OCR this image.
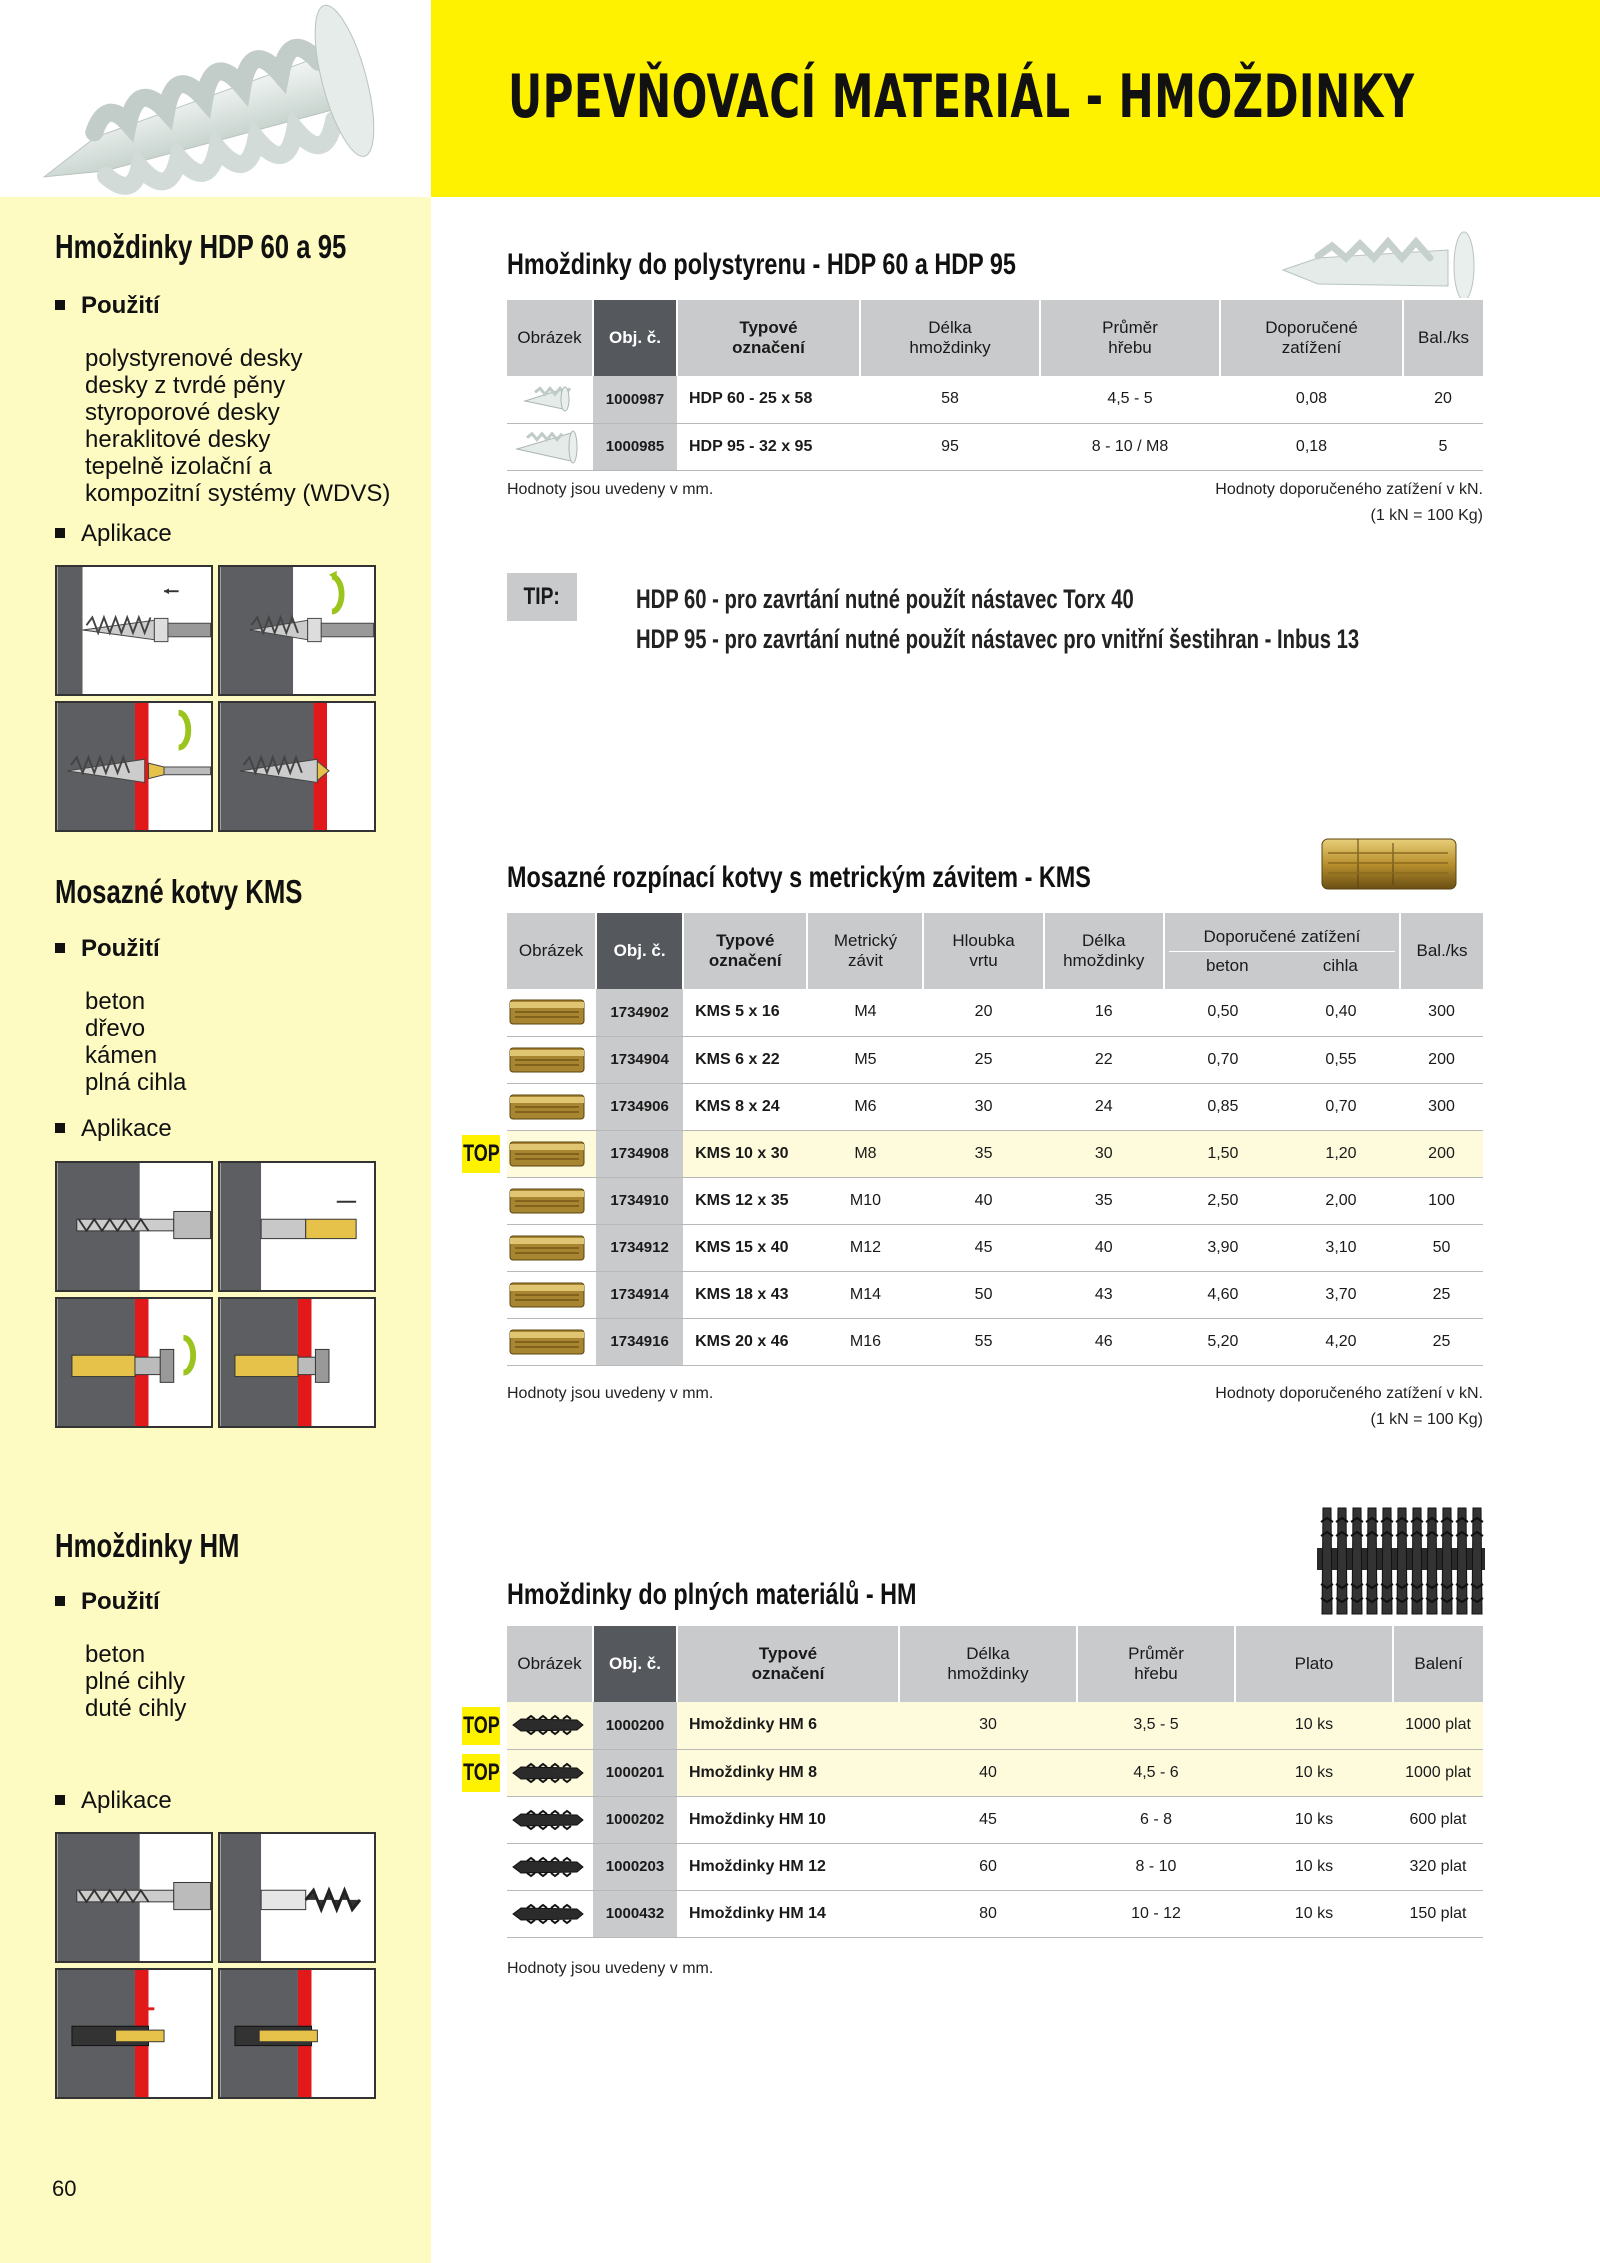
UPEVŇOVACÍ MATERIÁL - HMOŽDINKY
Hmoždinky HDP 60 a 95
Použití
polystyrenové desky
desky z tvrdé pěny
styroporové desky
heraklitové desky
tepelně izolační a
kompozitní systémy (WDVS)
Aplikace
Mosazné kotvy KMS
Použití
beton
dřevo
kámen
plná cihla
Aplikace
Hmoždinky HM
Použití
beton
plné cihly
duté cihly
Aplikace
Hmoždinky do polystyrenu - HDP 60 a HDP 95
Obrázek	Obj. č.	Typové označení	Délka hmoždinky	Průměr hřebu	Doporučené zatížení	Bal./ks

	1000987	HDP 60 - 25 x 58	58	4,5 - 5	0,08	20

	1000985	HDP 95 - 32 x 95	95	8 - 10 / M8	0,18	5
Hodnoty jsou uvedeny v mm.	Hodnoty doporučeného zatížení v kN.
(1 kN = 100 Kg)
TIP:	HDP 60 - pro zavrtání nutné použít nástavec Torx 40
HDP 95 - pro zavrtání nutné použít nástavec pro vnitřní šestihran - Inbus 13
Mosazné rozpínací kotvy s metrickým závitem - KMS
Obrázek	Obj. č.	Typové označení	Metrický závit	Hloubka vrtu	Délka hmoždinky	Doporučené zatížení
beton cihla	Bal./ks

	1734902	KMS 5 x 16	M4	20	16	0,50 0,40	300

	1734904	KMS 6 x 22	M5	25	22	0,70 0,55	200

	1734906	KMS 8 x 24	M6	30	24	0,85 0,70	300

	1734908	KMS 10 x 30	M8	35	30	1,50 1,20	200

	1734910	KMS 12 x 35	M10	40	35	2,50 2,00	100

	1734912	KMS 15 x 40	M12	45	40	3,90 3,10	50

	1734914	KMS 18 x 43	M14	50	43	4,60 3,70	25

	1734916	KMS 20 x 46	M16	55	46	5,20 4,20	25
Hodnoty jsou uvedeny v mm.	Hodnoty doporučeného zatížení v kN.
(1 kN = 100 Kg)
Hmoždinky do plných materiálů - HM
Obrázek	Obj. č.	Typové označení	Délka hmoždinky	Průměr hřebu	Plato	Balení

	1000200	Hmoždinky HM 6	30	3,5 - 5	10 ks	1000 plat

	1000201	Hmoždinky HM 8	40	4,5 - 6	10 ks	1000 plat

	1000202	Hmoždinky HM 10	45	6 - 8	10 ks	600 plat

	1000203	Hmoždinky HM 12	60	8 - 10	10 ks	320 plat

	1000432	Hmoždinky HM 14	80	10 - 12	10 ks	150 plat
Hodnoty jsou uvedeny v mm.
TOP
TOP
TOP
60
